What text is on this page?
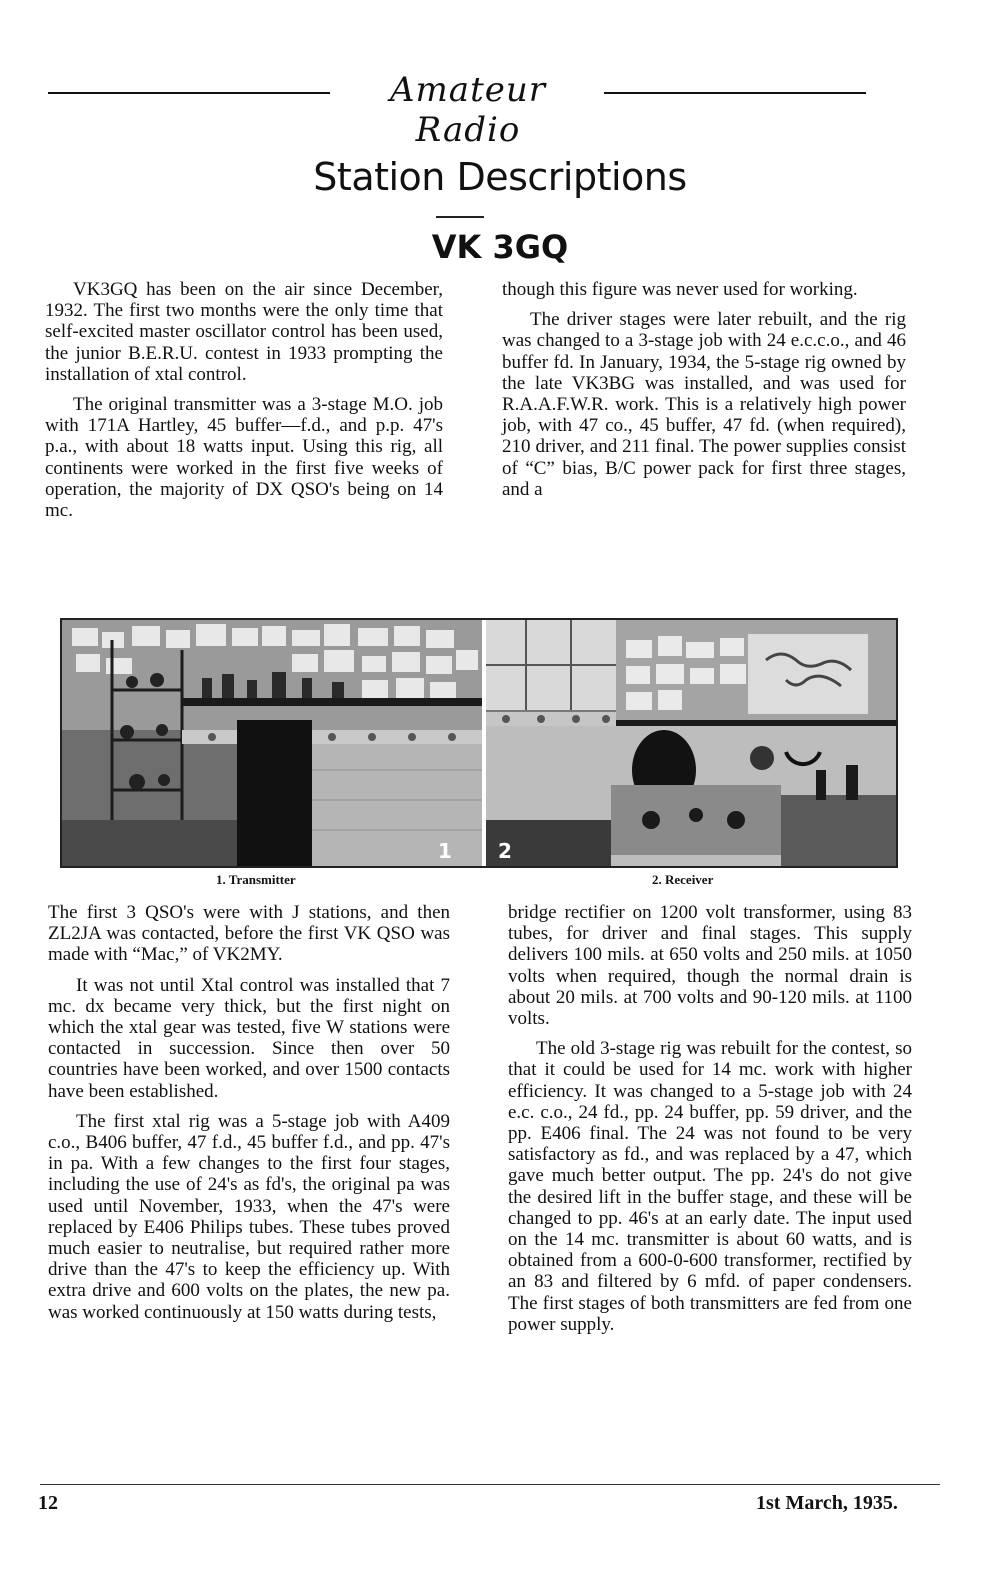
Amateur Radio
Station Descriptions
VK 3GQ

VK3GQ has been on the air since December, 1932. The first two months were the only time that self-excited master oscillator control has been used, the junior B.E.R.U. contest in 1933 prompting the installation of xtal control.

The original transmitter was a 3-stage M.O. job with 171A Hartley, 45 buffer—f.d., and p.p. 47's p.a., with about 18 watts input. Using this rig, all continents were worked in the first five weeks of operation, the majority of DX QSO's being on 14 mc.

though this figure was never used for working.

The driver stages were later rebuilt, and the rig was changed to a 3-stage job with 24 e.c.c.o., and 46 buffer fd. In January, 1934, the 5-stage rig owned by the late VK3BG was installed, and was used for R.A.A.F.W.R. work. This is a relatively high power job, with 47 co., 45 buffer, 47 fd. (when required), 210 driver, and 211 final. The power supplies consist of “C” bias, B/C power pack for first three stages, and a

1 2
1. Transmitter	2. Receiver

The first 3 QSO's were with J stations, and then ZL2JA was contacted, before the first VK QSO was made with “Mac,” of VK2MY.

It was not until Xtal control was installed that 7 mc. dx became very thick, but the first night on which the xtal gear was tested, five W stations were contacted in succession. Since then over 50 countries have been worked, and over 1500 contacts have been established.

The first xtal rig was a 5-stage job with A409 c.o., B406 buffer, 47 f.d., 45 buffer f.d., and pp. 47's in pa. With a few changes to the first four stages, including the use of 24's as fd's, the original pa was used until November, 1933, when the 47's were replaced by E406 Philips tubes. These tubes proved much easier to neutralise, but required rather more drive than the 47's to keep the efficiency up. With extra drive and 600 volts on the plates, the new pa. was worked continuously at 150 watts during tests,

bridge rectifier on 1200 volt transformer, using 83 tubes, for driver and final stages. This supply delivers 100 mils. at 650 volts and 250 mils. at 1050 volts when required, though the normal drain is about 20 mils. at 700 volts and 90-120 mils. at 1100 volts.

The old 3-stage rig was rebuilt for the contest, so that it could be used for 14 mc. work with higher efficiency. It was changed to a 5-stage job with 24 e.c. c.o., 24 fd., pp. 24 buffer, pp. 59 driver, and the pp. E406 final. The 24 was not found to be very satisfactory as fd., and was replaced by a 47, which gave much better output. The pp. 24's do not give the desired lift in the buffer stage, and these will be changed to pp. 46's at an early date. The input used on the 14 mc. transmitter is about 60 watts, and is obtained from a 600-0-600 transformer, rectified by an 83 and filtered by 6 mfd. of paper condensers. The first stages of both transmitters are fed from one power supply.

12	1st March, 1935.
